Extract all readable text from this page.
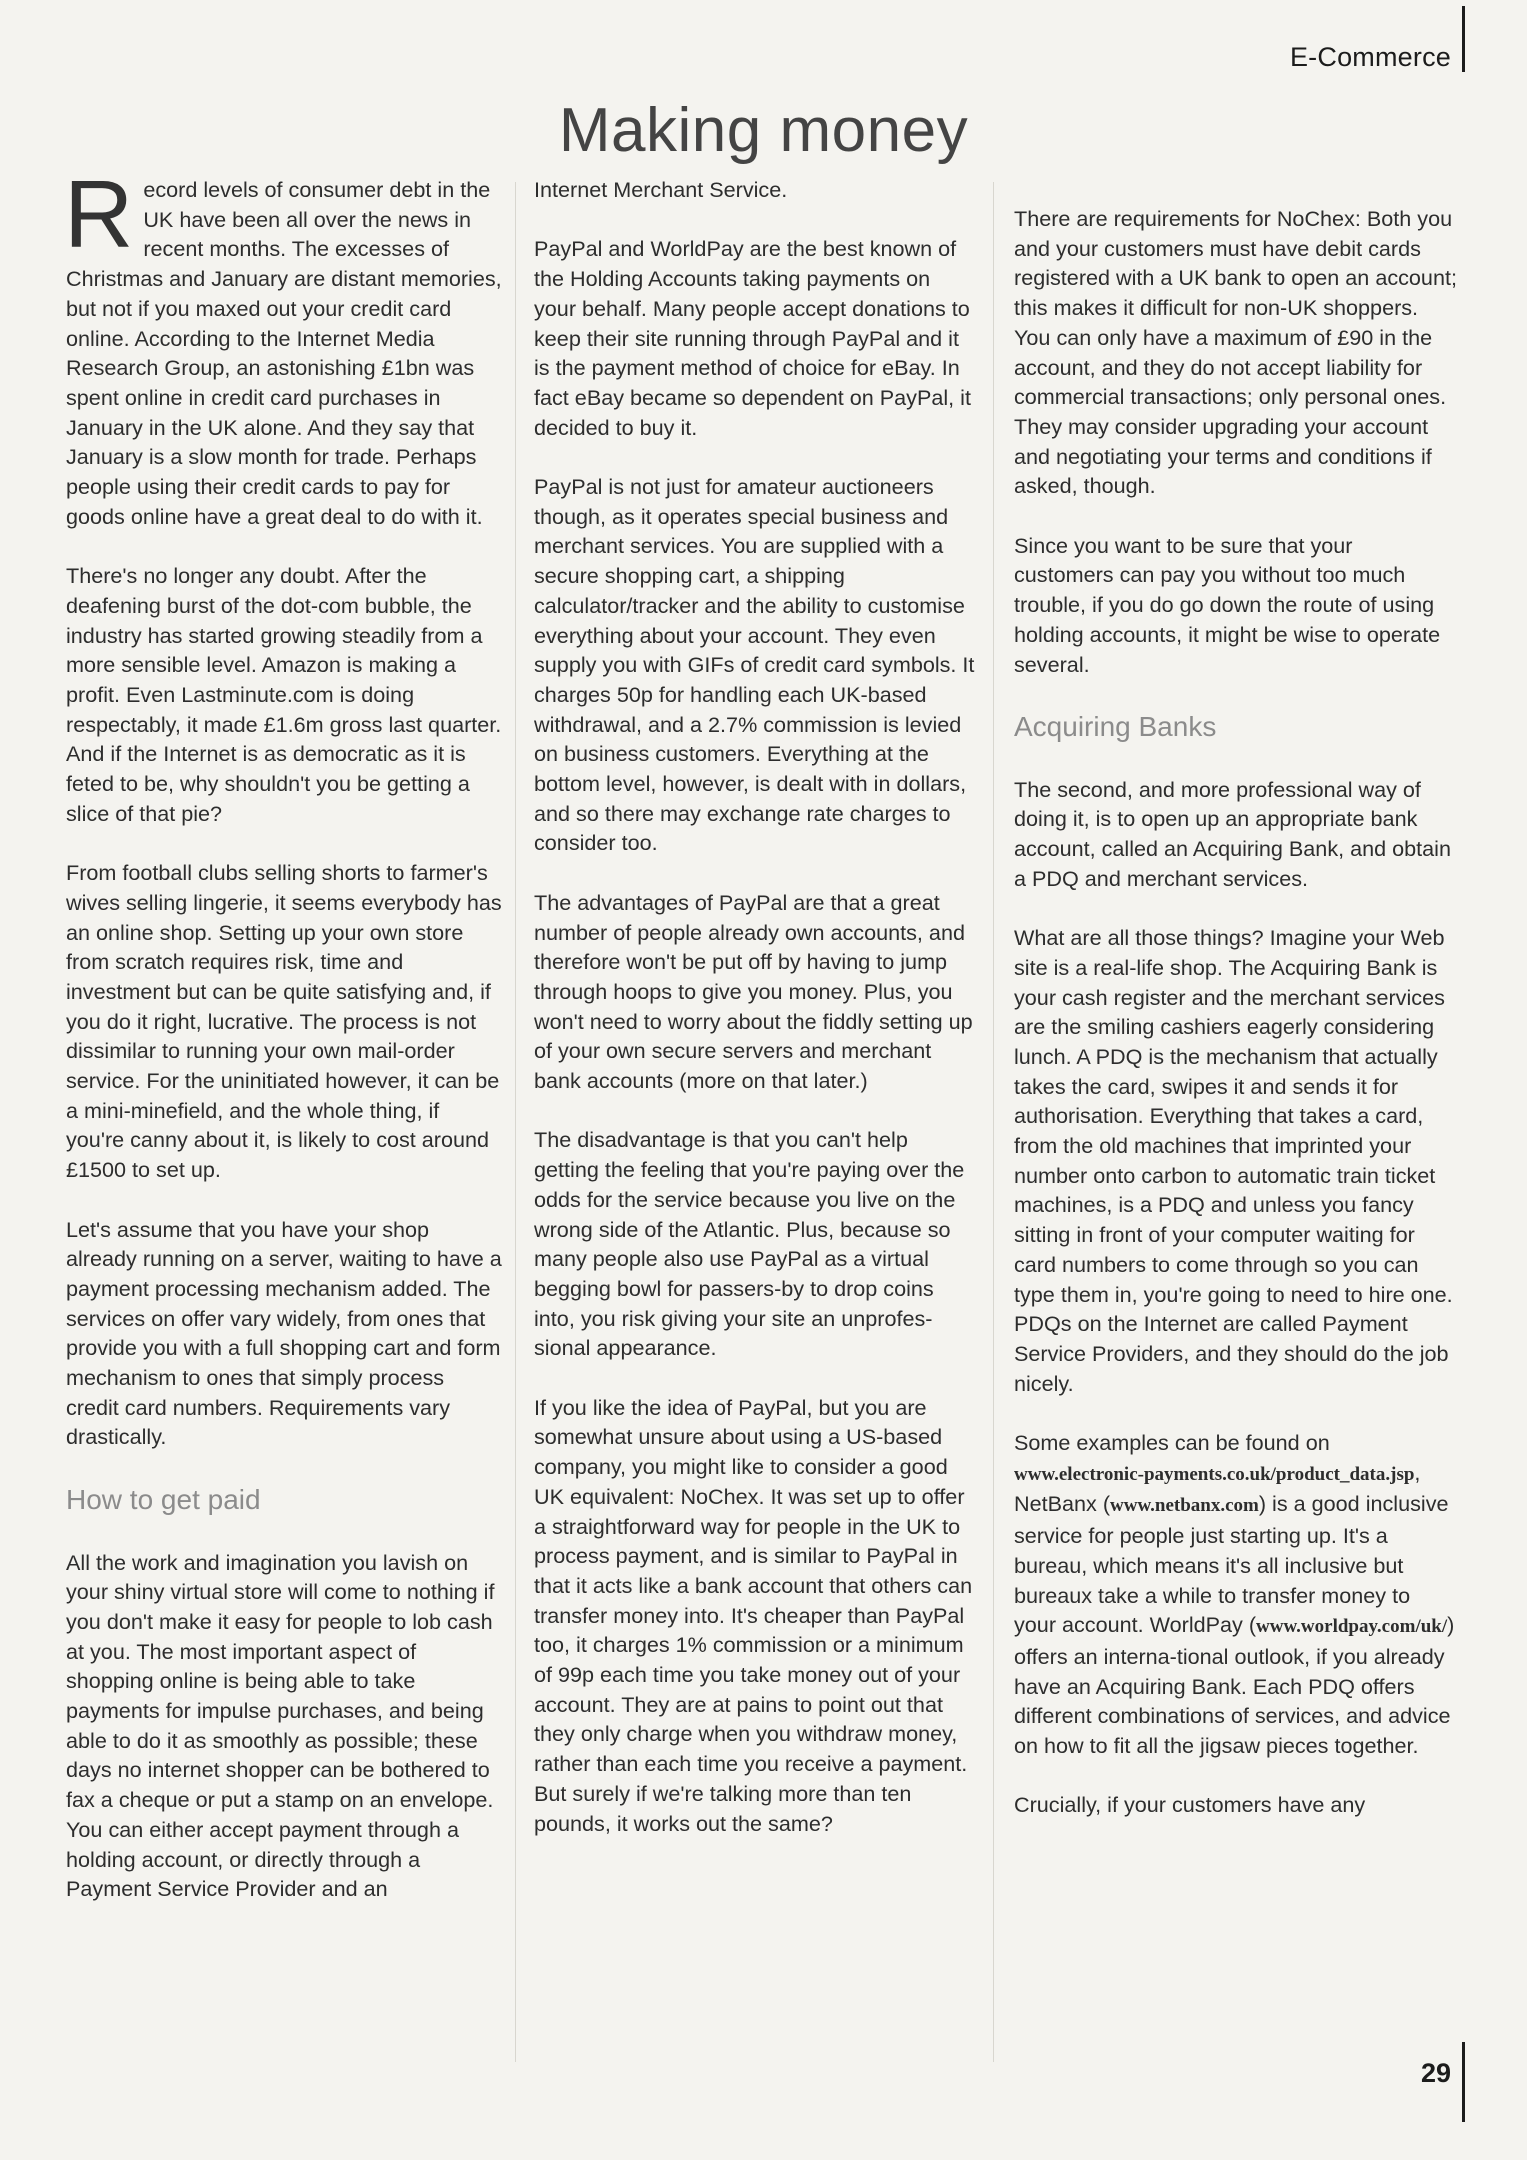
E-Commerce
Making money

Record levels of consumer debt in the UK have been all over the news in recent months. The excesses of Christmas and January are distant memories, but not if you maxed out your credit card online. According to the Internet Media Research Group, an astonishing £1bn was spent online in credit card purchases in January in the UK alone. And they say that January is a slow month for trade. Perhaps people using their credit cards to pay for goods online have a great deal to do with it.

There's no longer any doubt. After the deafening burst of the dot-com bubble, the industry has started growing steadily from a more sensible level. Amazon is making a profit. Even Lastminute.com is doing respectably, it made £1.6m gross last quarter. And if the Internet is as democratic as it is feted to be, why shouldn't you be getting a slice of that pie?

From football clubs selling shorts to farmer's wives selling lingerie, it seems everybody has an online shop. Setting up your own store from scratch requires risk, time and investment but can be quite satisfying and, if you do it right, lucrative. The process is not dissimilar to running your own mail-order service. For the uninitiated however, it can be a mini-minefield, and the whole thing, if you're canny about it, is likely to cost around £1500 to set up.

Let's assume that you have your shop already running on a server, waiting to have a payment processing mechanism added. The services on offer vary widely, from ones that provide you with a full shopping cart and form mechanism to ones that simply process credit card numbers. Requirements vary drastically.

How to get paid

All the work and imagination you lavish on your shiny virtual store will come to nothing if you don't make it easy for people to lob cash at you. The most important aspect of shopping online is being able to take payments for impulse purchases, and being able to do it as smoothly as possible; these days no internet shopper can be bothered to fax a cheque or put a stamp on an envelope. You can either accept payment through a holding account, or directly through a Payment Service Provider and an

Internet Merchant Service.

PayPal and WorldPay are the best known of the Holding Accounts taking payments on your behalf. Many people accept donations to keep their site running through PayPal and it is the payment method of choice for eBay. In fact eBay became so dependent on PayPal, it decided to buy it.

PayPal is not just for amateur auctioneers though, as it operates special business and merchant services. You are supplied with a secure shopping cart, a shipping calculator/tracker and the ability to customise everything about your account. They even supply you with GIFs of credit card symbols. It charges 50p for handling each UK-based withdrawal, and a 2.7% commission is levied on business customers. Everything at the bottom level, however, is dealt with in dollars, and so there may exchange rate charges to consider too.

The advantages of PayPal are that a great number of people already own accounts, and therefore won't be put off by having to jump through hoops to give you money. Plus, you won't need to worry about the fiddly setting up of your own secure servers and merchant bank accounts (more on that later.)

The disadvantage is that you can't help getting the feeling that you're paying over the odds for the service because you live on the wrong side of the Atlantic. Plus, because so many people also use PayPal as a virtual begging bowl for passers-by to drop coins into, you risk giving your site an unprofes-sional appearance.

If you like the idea of PayPal, but you are somewhat unsure about using a US-based company, you might like to consider a good UK equivalent: NoChex. It was set up to offer a straightforward way for people in the UK to process payment, and is similar to PayPal in that it acts like a bank account that others can transfer money into. It's cheaper than PayPal too, it charges 1% commission or a minimum of 99p each time you take money out of your account. They are at pains to point out that they only charge when you withdraw money, rather than each time you receive a payment. But surely if we're talking more than ten pounds, it works out the same?

There are requirements for NoChex: Both you and your customers must have debit cards registered with a UK bank to open an account; this makes it difficult for non-UK shoppers. You can only have a maximum of £90 in the account, and they do not accept liability for commercial transactions; only personal ones. They may consider upgrading your account and negotiating your terms and conditions if asked, though.

Since you want to be sure that your customers can pay you without too much trouble, if you do go down the route of using holding accounts, it might be wise to operate several.

Acquiring Banks

The second, and more professional way of doing it, is to open up an appropriate bank account, called an Acquiring Bank, and obtain a PDQ and merchant services.

What are all those things? Imagine your Web site is a real-life shop. The Acquiring Bank is your cash register and the merchant services are the smiling cashiers eagerly considering lunch. A PDQ is the mechanism that actually takes the card, swipes it and sends it for authorisation. Everything that takes a card, from the old machines that imprinted your number onto carbon to automatic train ticket machines, is a PDQ and unless you fancy sitting in front of your computer waiting for card numbers to come through so you can type them in, you're going to need to hire one. PDQs on the Internet are called Payment Service Providers, and they should do the job nicely.

Some examples can be found on www.electronic-payments.co.uk/product_data.jsp, NetBanx (www.netbanx.com) is a good inclusive service for people just starting up. It's a bureau, which means it's all inclusive but bureaux take a while to transfer money to your account. WorldPay (www.worldpay.com/uk/) offers an interna-tional outlook, if you already have an Acquiring Bank. Each PDQ offers different combinations of services, and advice on how to fit all the jigsaw pieces together.

Crucially, if your customers have any

29
